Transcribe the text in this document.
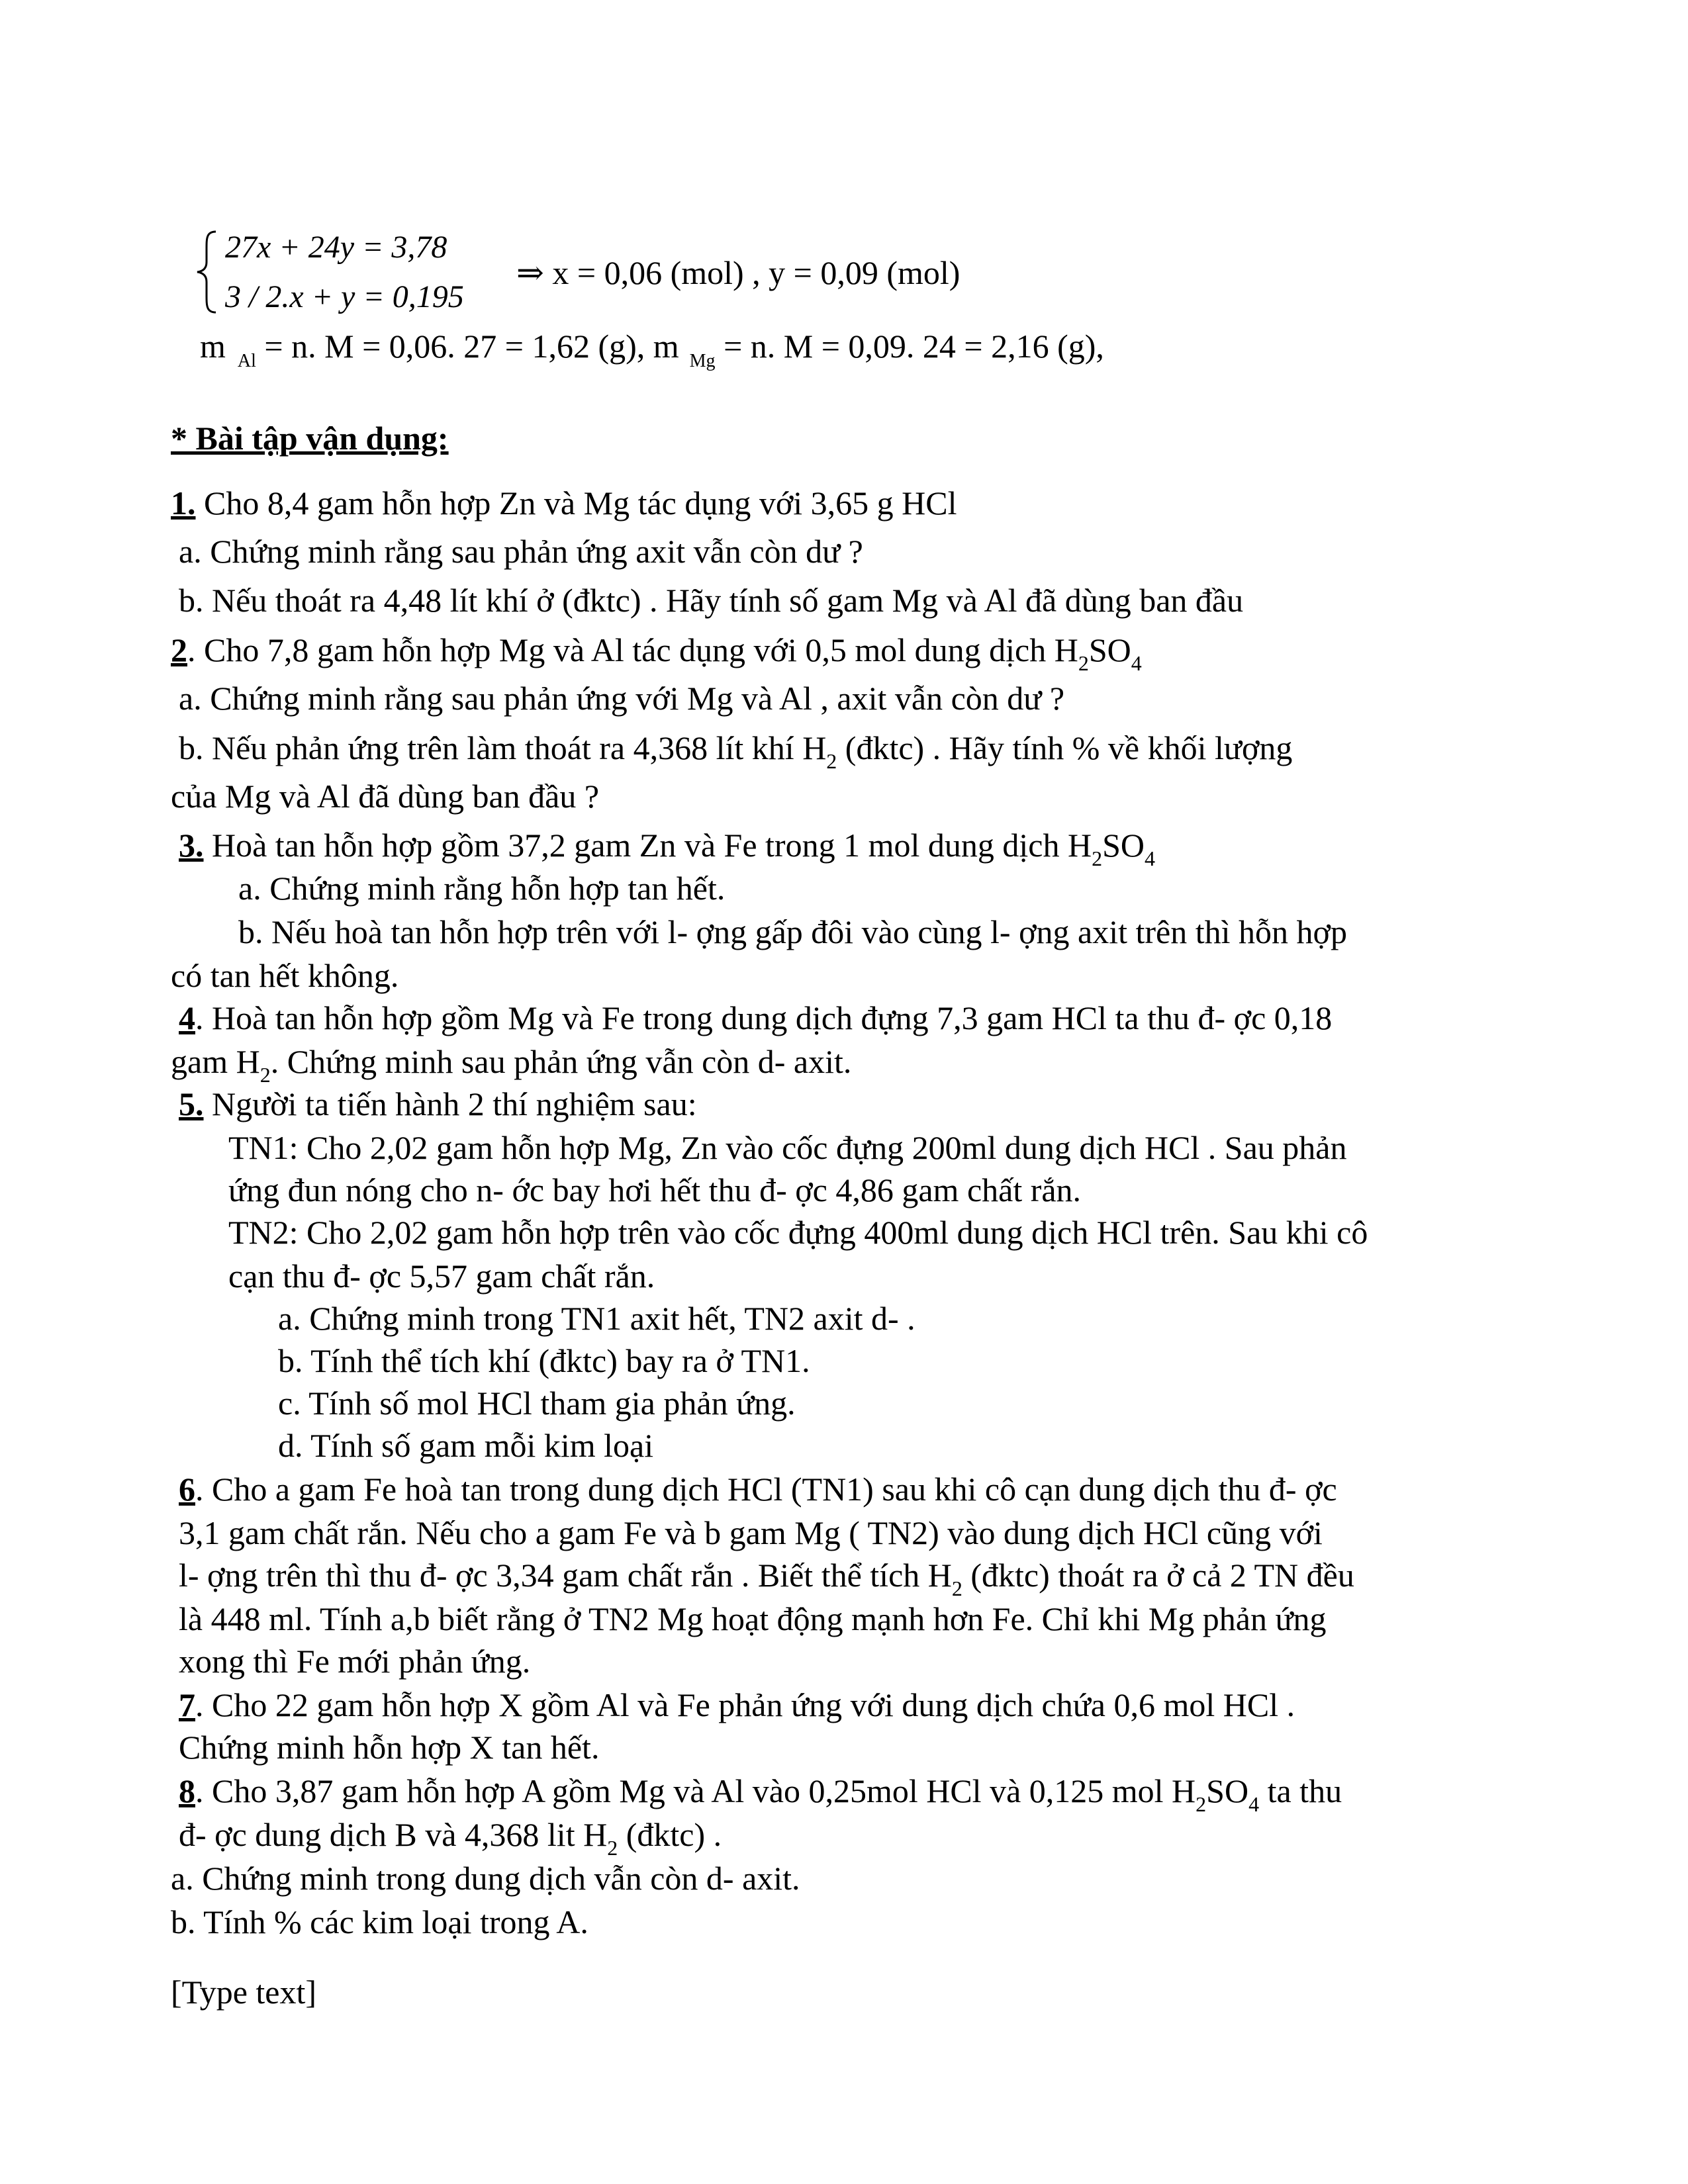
27x + 24y = 3,78
3 / 2.x + y = 0,195
⇒ x = 0,06 (mol) , y = 0,09 (mol)
m $_{Al}$ = n. M = 0,06. 27 = 1,62 (g), m $_{Mg}$ = n. M = 0,09. 24 = 2,16 (g),
* Bài tập vận dụng:
1. Cho 8,4 gam hỗn hợp Zn và Mg tác dụng với 3,65 g HCl
a. Chứng minh rằng sau phản ứng axit vẫn còn dư ?
b. Nếu thoát ra 4,48 lít khí ở (đktc) . Hãy tính số gam Mg và Al đã dùng ban đầu
2. Cho 7,8 gam hỗn hợp Mg và Al tác dụng với 0,5 mol dung dịch $H_2SO_4$
a. Chứng minh rằng sau phản ứng với Mg và Al , axit vẫn còn dư ?
b. Nếu phản ứng trên làm thoát ra 4,368 lít khí $H_2$ (đktc) . Hãy tính % về khối lượng
của Mg và Al đã dùng ban đầu ?
3. Hoà tan hỗn hợp gồm 37,2 gam Zn và Fe trong 1 mol dung dịch $H_2SO_4$
a. Chứng minh rằng hỗn hợp tan hết.
b. Nếu hoà tan hỗn hợp trên với l- ợng gấp đôi vào cùng l- ợng axit trên thì hỗn hợp
có tan hết không.
4. Hoà tan hỗn hợp gồm Mg và Fe trong dung dịch đựng 7,3 gam HCl ta thu đ- ợc 0,18
gam $H_2$. Chứng minh sau phản ứng vẫn còn d- axit.
5. Người ta tiến hành 2 thí nghiệm sau:
TN1: Cho 2,02 gam hỗn hợp Mg, Zn vào cốc đựng 200ml dung dịch HCl . Sau phản
ứng đun nóng cho n- ớc bay hơi hết thu đ- ợc 4,86 gam chất rắn.
TN2: Cho 2,02 gam hỗn hợp trên vào cốc đựng 400ml dung dịch HCl trên. Sau khi cô
cạn thu đ- ợc 5,57 gam chất rắn.
a. Chứng minh trong TN1 axit hết, TN2 axit d- .
b. Tính thể tích khí (đktc) bay ra ở TN1.
c. Tính số mol HCl tham gia phản ứng.
d. Tính số gam mỗi kim loại
6. Cho a gam Fe hoà tan trong dung dịch HCl (TN1) sau khi cô cạn dung dịch thu đ- ợc
3,1 gam chất rắn. Nếu cho a gam Fe và b gam Mg ( TN2) vào dung dịch HCl cũng với
l- ợng trên thì thu đ- ợc 3,34 gam chất rắn . Biết thể tích $H_2$ (đktc) thoát ra ở cả 2 TN đều
là 448 ml. Tính a,b biết rằng ở TN2 Mg hoạt động mạnh hơn Fe. Chỉ khi Mg phản ứng
xong thì Fe mới phản ứng.
7. Cho 22 gam hỗn hợp X gồm Al và Fe phản ứng với dung dịch chứa 0,6 mol HCl .
Chứng minh hỗn hợp X tan hết.
8. Cho 3,87 gam hỗn hợp A gồm Mg và Al vào 0,25mol HCl và 0,125 mol $H_2SO_4$ ta thu
đ- ợc dung dịch B và 4,368 lit $H_2$ (đktc) .
a. Chứng minh trong dung dịch vẫn còn d- axit.
b. Tính % các kim loại trong A.
[Type text]
